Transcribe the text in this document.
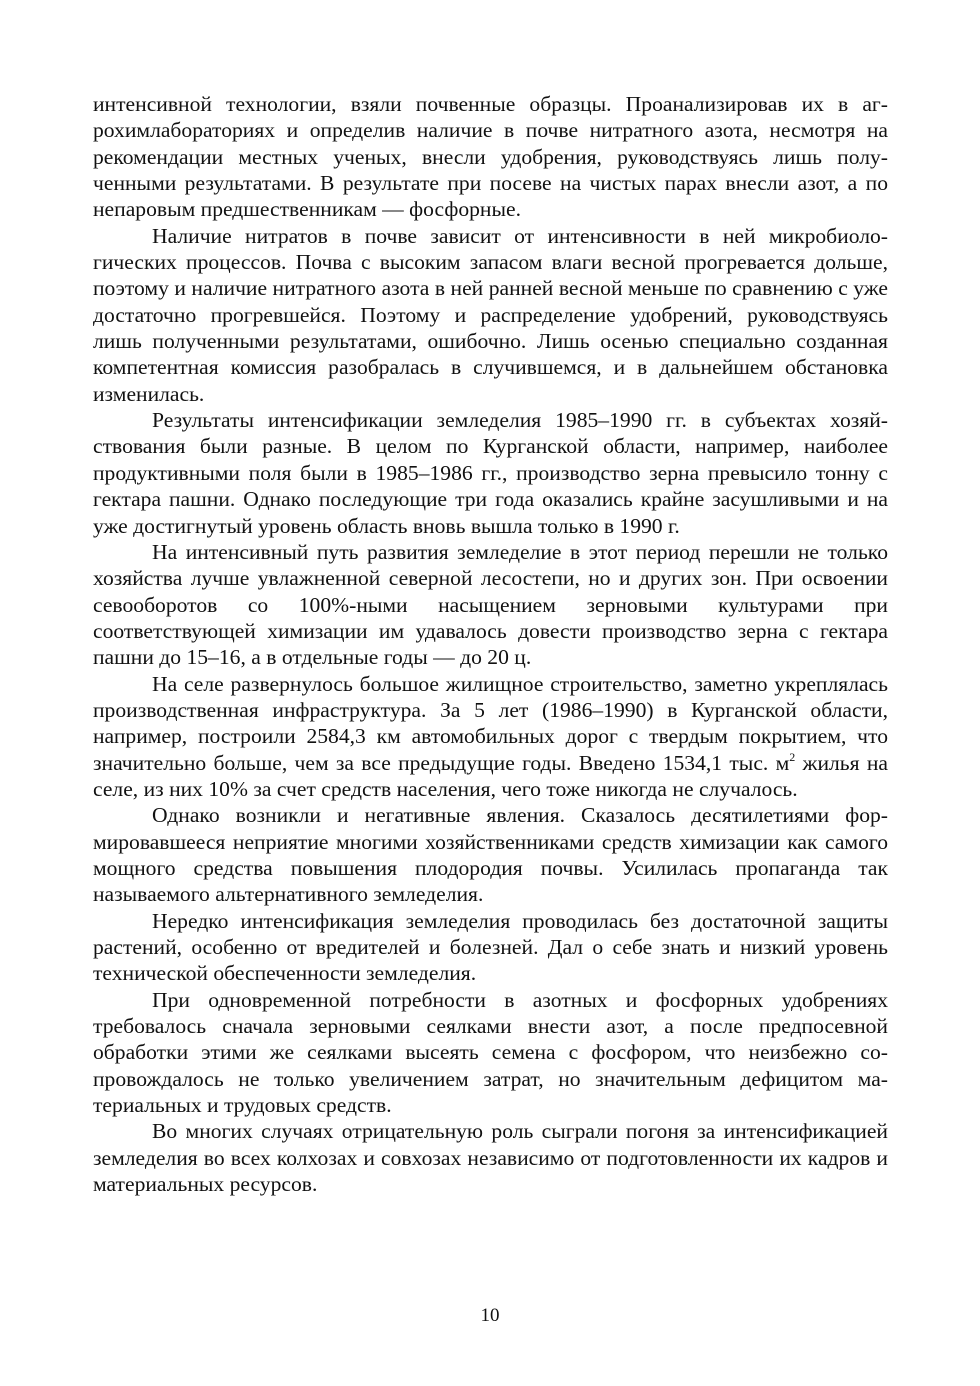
интенсивной технологии, взяли почвенные образцы. Проанализировав их в агрохимлабораториях и определив наличие в почве нитратного азота, несмотря на рекомендации местных ученых, внесли удобрения, руководствуясь лишь полученными результатами. В результате при посеве на чистых парах внесли азот, а по непаровым предшественникам — фосфорные.

Наличие нитратов в почве зависит от интенсивности в ней микробиологических процессов. Почва с высоким запасом влаги весной прогревается дольше, поэтому и наличие нитратного азота в ней ранней весной меньше по сравнению с уже достаточно прогревшейся. Поэтому и распределение удобрений, руководствуясь лишь полученными результатами, ошибочно. Лишь осенью специально созданная компетентная комиссия разобралась в случившемся, и в дальнейшем обстановка изменилась.

Результаты интенсификации земледелия 1985–1990 гг. в субъектах хозяйствования были разные. В целом по Курганской области, например, наиболее продуктивными поля были в 1985–1986 гг., производство зерна превысило тонну с гектара пашни. Однако последующие три года оказались крайне засушливыми и на уже достигнутый уровень область вновь вышла только в 1990 г.

На интенсивный путь развития земледелие в этот период перешли не только хозяйства лучше увлажненной северной лесостепи, но и других зон. При освоении севооборотов со 100%-ными насыщением зерновыми культурами при соответствующей химизации им удавалось довести производство зерна с гектара пашни до 15–16, а в отдельные годы — до 20 ц.

На селе развернулось большое жилищное строительство, заметно укреплялась производственная инфраструктура. За 5 лет (1986–1990) в Курганской области, например, построили 2584,3 км автомобильных дорог с твердым покрытием, что значительно больше, чем за все предыдущие годы. Введено 1534,1 тыс. $м^2$ жилья на селе, из них 10% за счет средств населения, чего тоже никогда не случалось.

Однако возникли и негативные явления. Сказалось десятилетиями формировавшееся неприятие многими хозяйственниками средств химизации как самого мощного средства повышения плодородия почвы. Усилилась пропаганда так называемого альтернативного земледелия.

Нередко интенсификация земледелия проводилась без достаточной защиты растений, особенно от вредителей и болезней. Дал о себе знать и низкий уровень технической обеспеченности земледелия.

При одновременной потребности в азотных и фосфорных удобрениях требовалось сначала зерновыми сеялками внести азот, а после предпосевной обработки этими же сеялками высеять семена с фосфором, что неизбежно сопровождалось не только увеличением затрат, но значительным дефицитом материальных и трудовых средств.

Во многих случаях отрицательную роль сыграли погоня за интенсификацией земледелия во всех колхозах и совхозах независимо от подготовленности их кадров и материальных ресурсов.

10
